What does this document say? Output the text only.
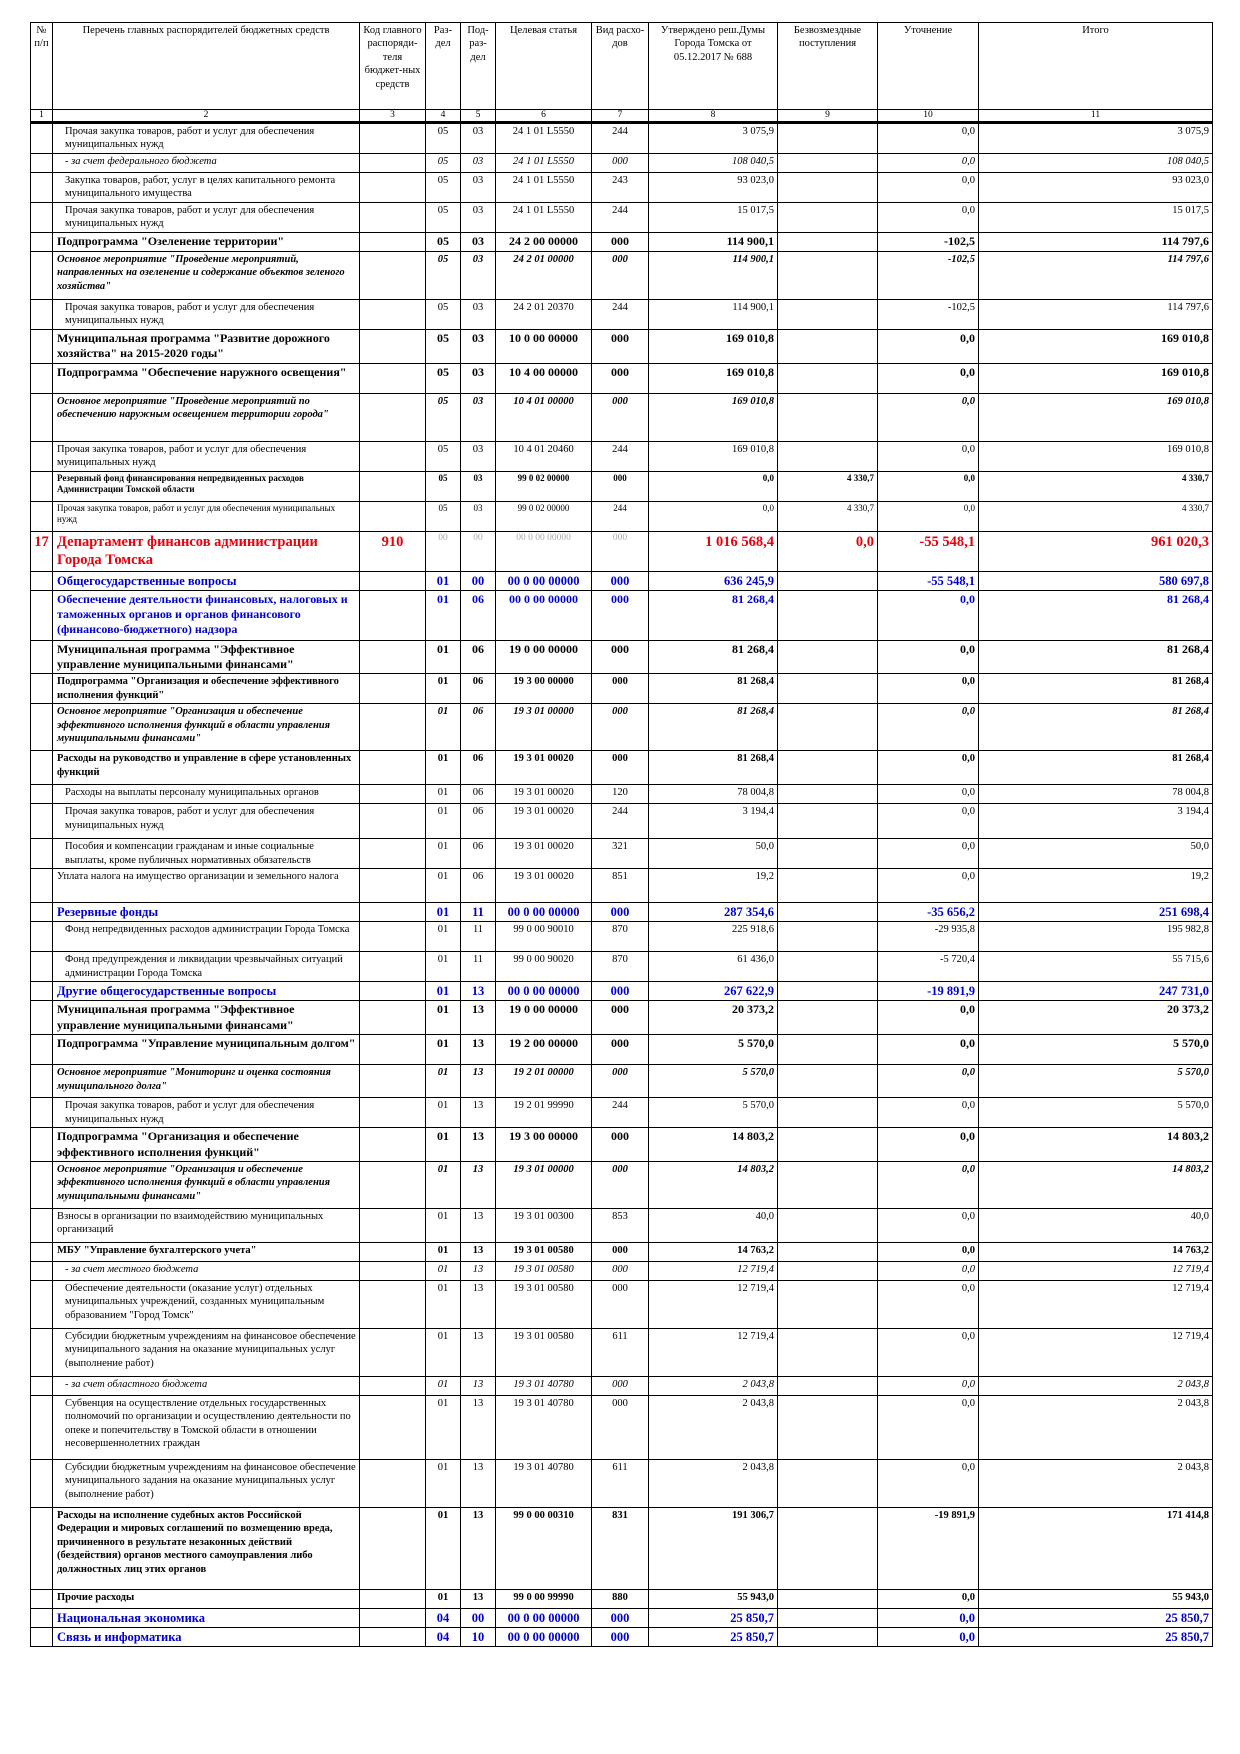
№ п/п	Перечень главных распорядителей бюджетных средств	Код главного распоряди-теля бюджет-ных средств	Раз-дел	Под-раз-дел	Целевая статья	Вид расхо-дов	Утверждено реш.Думы Города Томска от 05.12.2017 № 688	Безвозмездные поступления	Уточнение	Итого
1	2	3	4	5	6	7	8	9	10	11
	Прочая закупка товаров, работ и услуг для обеспечения муниципальных нужд		05	03	24 1 01 L5550	244	3 075,9		0,0	3 075,9
	- за счет федерального бюджета		05	03	24 1 01 L5550	000	108 040,5		0,0	108 040,5
	Закупка товаров, работ, услуг в целях капитального ремонта муниципального имущества		05	03	24 1 01 L5550	243	93 023,0		0,0	93 023,0
	Прочая закупка товаров, работ и услуг для обеспечения муниципальных нужд		05	03	24 1 01 L5550	244	15 017,5		0,0	15 017,5
	Подпрограмма "Озеленение территории"		05	03	24 2 00 00000	000	114 900,1		-102,5	114 797,6
	Основное мероприятие "Проведение мероприятий, направленных на озеленение и содержание объектов зеленого хозяйства"		05	03	24 2 01 00000	000	114 900,1		-102,5	114 797,6
	Прочая закупка товаров, работ и услуг для обеспечения муниципальных нужд		05	03	24 2 01 20370	244	114 900,1		-102,5	114 797,6
	Муниципальная программа "Развитие дорожного хозяйства" на 2015-2020 годы"		05	03	10 0 00 00000	000	169 010,8		0,0	169 010,8
	Подпрограмма "Обеспечение наружного освещения"		05	03	10 4 00 00000	000	169 010,8		0,0	169 010,8
	Основное мероприятие "Проведение мероприятий по обеспечению наружным освещением территории города"		05	03	10 4 01 00000	000	169 010,8		0,0	169 010,8
	Прочая закупка товаров, работ и услуг для обеспечения муниципальных нужд		05	03	10 4 01 20460	244	169 010,8		0,0	169 010,8
	Резервный фонд финансирования непредвиденных расходов Администрации Томской области		05	03	99 0 02 00000	000	0,0	4 330,7	0,0	4 330,7
	Прочая закупка товаров, работ и услуг для обеспечения муниципальных нужд		05	03	99 0 02 00000	244	0,0	4 330,7	0,0	4 330,7
17	Департамент финансов администрации Города Томска	910	00	00	00 0 00 00000	000	1 016 568,4	0,0	-55 548,1	961 020,3
	Общегосударственные вопросы		01	00	00 0 00 00000	000	636 245,9		-55 548,1	580 697,8
	Обеспечение деятельности финансовых, налоговых и таможенных органов и органов финансового (финансово-бюджетного) надзора		01	06	00 0 00 00000	000	81 268,4		0,0	81 268,4
	Муниципальная программа "Эффективное управление муниципальными финансами"		01	06	19 0 00 00000	000	81 268,4		0,0	81 268,4
	Подпрограмма "Организация и обеспечение эффективного исполнения функций"		01	06	19 3 00 00000	000	81 268,4		0,0	81 268,4
	Основное мероприятие "Организация и обеспечение эффективного исполнения функций в области управления муниципальными финансами"		01	06	19 3 01 00000	000	81 268,4		0,0	81 268,4
	Расходы на руководство и управление в сфере установленных функций		01	06	19 3 01 00020	000	81 268,4		0,0	81 268,4
	Расходы на выплаты персоналу муниципальных органов		01	06	19 3 01 00020	120	78 004,8		0,0	78 004,8
	Прочая закупка товаров, работ и услуг для обеспечения муниципальных нужд		01	06	19 3 01 00020	244	3 194,4		0,0	3 194,4
	Пособия и компенсации гражданам и иные социальные выплаты, кроме публичных нормативных обязательств		01	06	19 3 01 00020	321	50,0		0,0	50,0
	Уплата налога на имущество организации и земельного налога		01	06	19 3 01 00020	851	19,2		0,0	19,2
	Резервные фонды		01	11	00 0 00 00000	000	287 354,6		-35 656,2	251 698,4
	Фонд непредвиденных расходов администрации Города Томска		01	11	99 0 00 90010	870	225 918,6		-29 935,8	195 982,8
	Фонд предупреждения и ликвидации чрезвычайных ситуаций администрации Города Томска		01	11	99 0 00 90020	870	61 436,0		-5 720,4	55 715,6
	Другие общегосударственные вопросы		01	13	00 0 00 00000	000	267 622,9		-19 891,9	247 731,0
	Муниципальная программа "Эффективное управление муниципальными финансами"		01	13	19 0 00 00000	000	20 373,2		0,0	20 373,2
	Подпрограмма "Управление муниципальным долгом"		01	13	19 2 00 00000	000	5 570,0		0,0	5 570,0
	Основное мероприятие "Мониторинг и оценка состояния муниципального долга"		01	13	19 2 01 00000	000	5 570,0		0,0	5 570,0
	Прочая закупка товаров, работ и услуг для обеспечения муниципальных нужд		01	13	19 2 01 99990	244	5 570,0		0,0	5 570,0
	Подпрограмма "Организация и обеспечение эффективного исполнения функций"		01	13	19 3 00 00000	000	14 803,2		0,0	14 803,2
	Основное мероприятие "Организация и обеспечение эффективного исполнения функций в области управления муниципальными финансами"		01	13	19 3 01 00000	000	14 803,2		0,0	14 803,2
	Взносы в организации по взаимодействию муниципальных организаций		01	13	19 3 01 00300	853	40,0		0,0	40,0
	МБУ "Управление бухгалтерского учета"		01	13	19 3 01 00580	000	14 763,2		0,0	14 763,2
	- за счет местного бюджета		01	13	19 3 01 00580	000	12 719,4		0,0	12 719,4
	Обеспечение деятельности (оказание услуг) отдельных муниципальных учреждений, созданных муниципальным образованием "Город Томск"		01	13	19 3 01 00580	000	12 719,4		0,0	12 719,4
	Субсидии бюджетным учреждениям на финансовое обеспечение муниципального задания на оказание муниципальных услуг (выполнение работ)		01	13	19 3 01 00580	611	12 719,4		0,0	12 719,4
	- за счет областного бюджета		01	13	19 3 01 40780	000	2 043,8		0,0	2 043,8
	Субвенция на осуществление отдельных государственных полномочий по организации и осуществлению деятельности по опеке и попечительству в Томской области в отношении несовершеннолетних граждан		01	13	19 3 01 40780	000	2 043,8		0,0	2 043,8
	Субсидии бюджетным учреждениям на финансовое обеспечение муниципального задания на оказание муниципальных услуг (выполнение работ)		01	13	19 3 01 40780	611	2 043,8		0,0	2 043,8
	Расходы на исполнение судебных актов Российской Федерации и мировых соглашений по возмещению вреда, причиненного в результате незаконных действий (бездействия) органов местного самоуправления либо должностных лиц этих органов		01	13	99 0 00 00310	831	191 306,7		-19 891,9	171 414,8
	Прочие расходы		01	13	99 0 00 99990	880	55 943,0		0,0	55 943,0
	Национальная экономика		04	00	00 0 00 00000	000	25 850,7		0,0	25 850,7
	Связь и информатика		04	10	00 0 00 00000	000	25 850,7		0,0	25 850,7
